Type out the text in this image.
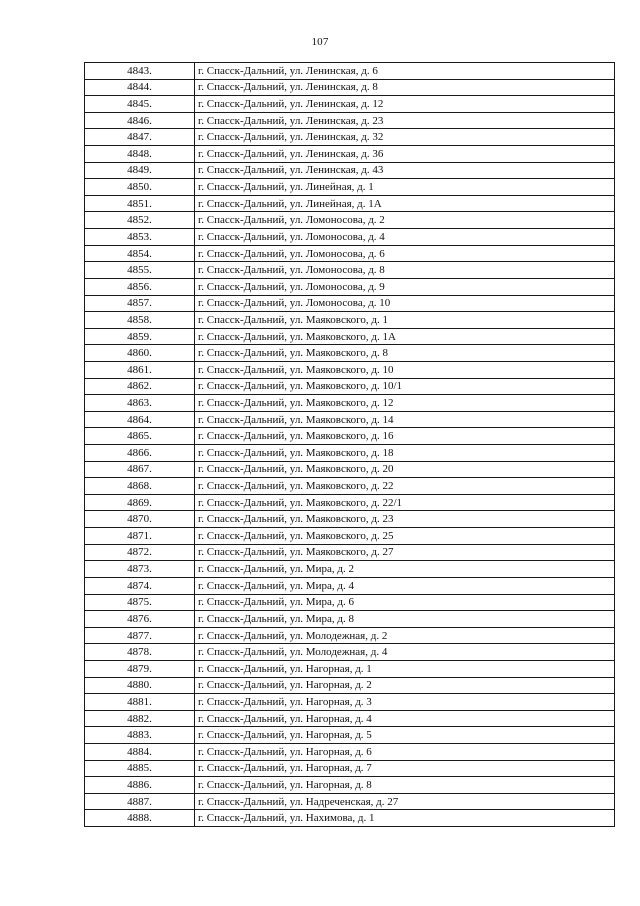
107
4843.	г. Спасск-Дальний, ул. Ленинская, д. 6
4844.	г. Спасск-Дальний, ул. Ленинская, д. 8
4845.	г. Спасск-Дальний, ул. Ленинская, д. 12
4846.	г. Спасск-Дальний, ул. Ленинская, д. 23
4847.	г. Спасск-Дальний, ул. Ленинская, д. 32
4848.	г. Спасск-Дальний, ул. Ленинская, д. 36
4849.	г. Спасск-Дальний, ул. Ленинская, д. 43
4850.	г. Спасск-Дальний, ул. Линейная, д. 1
4851.	г. Спасск-Дальний, ул. Линейная, д. 1А
4852.	г. Спасск-Дальний, ул. Ломоносова, д. 2
4853.	г. Спасск-Дальний, ул. Ломоносова, д. 4
4854.	г. Спасск-Дальний, ул. Ломоносова, д. 6
4855.	г. Спасск-Дальний, ул. Ломоносова, д. 8
4856.	г. Спасск-Дальний, ул. Ломоносова, д. 9
4857.	г. Спасск-Дальний, ул. Ломоносова, д. 10
4858.	г. Спасск-Дальний, ул. Маяковского, д. 1
4859.	г. Спасск-Дальний, ул. Маяковского, д. 1А
4860.	г. Спасск-Дальний, ул. Маяковского, д. 8
4861.	г. Спасск-Дальний, ул. Маяковского, д. 10
4862.	г. Спасск-Дальний, ул. Маяковского, д. 10/1
4863.	г. Спасск-Дальний, ул. Маяковского, д. 12
4864.	г. Спасск-Дальний, ул. Маяковского, д. 14
4865.	г. Спасск-Дальний, ул. Маяковского, д. 16
4866.	г. Спасск-Дальний, ул. Маяковского, д. 18
4867.	г. Спасск-Дальний, ул. Маяковского, д. 20
4868.	г. Спасск-Дальний, ул. Маяковского, д. 22
4869.	г. Спасск-Дальний, ул. Маяковского, д. 22/1
4870.	г. Спасск-Дальний, ул. Маяковского, д. 23
4871.	г. Спасск-Дальний, ул. Маяковского, д. 25
4872.	г. Спасск-Дальний, ул. Маяковского, д. 27
4873.	г. Спасск-Дальний, ул. Мира, д. 2
4874.	г. Спасск-Дальний, ул. Мира, д. 4
4875.	г. Спасск-Дальний, ул. Мира, д. 6
4876.	г. Спасск-Дальний, ул. Мира, д. 8
4877.	г. Спасск-Дальний, ул. Молодежная, д. 2
4878.	г. Спасск-Дальний, ул. Молодежная, д. 4
4879.	г. Спасск-Дальний, ул. Нагорная, д. 1
4880.	г. Спасск-Дальний, ул. Нагорная, д. 2
4881.	г. Спасск-Дальний, ул. Нагорная, д. 3
4882.	г. Спасск-Дальний, ул. Нагорная, д. 4
4883.	г. Спасск-Дальний, ул. Нагорная, д. 5
4884.	г. Спасск-Дальний, ул. Нагорная, д. 6
4885.	г. Спасск-Дальний, ул. Нагорная, д. 7
4886.	г. Спасск-Дальний, ул. Нагорная, д. 8
4887.	г. Спасск-Дальний, ул. Надреченская, д. 27
4888.	г. Спасск-Дальний, ул. Нахимова, д. 1
